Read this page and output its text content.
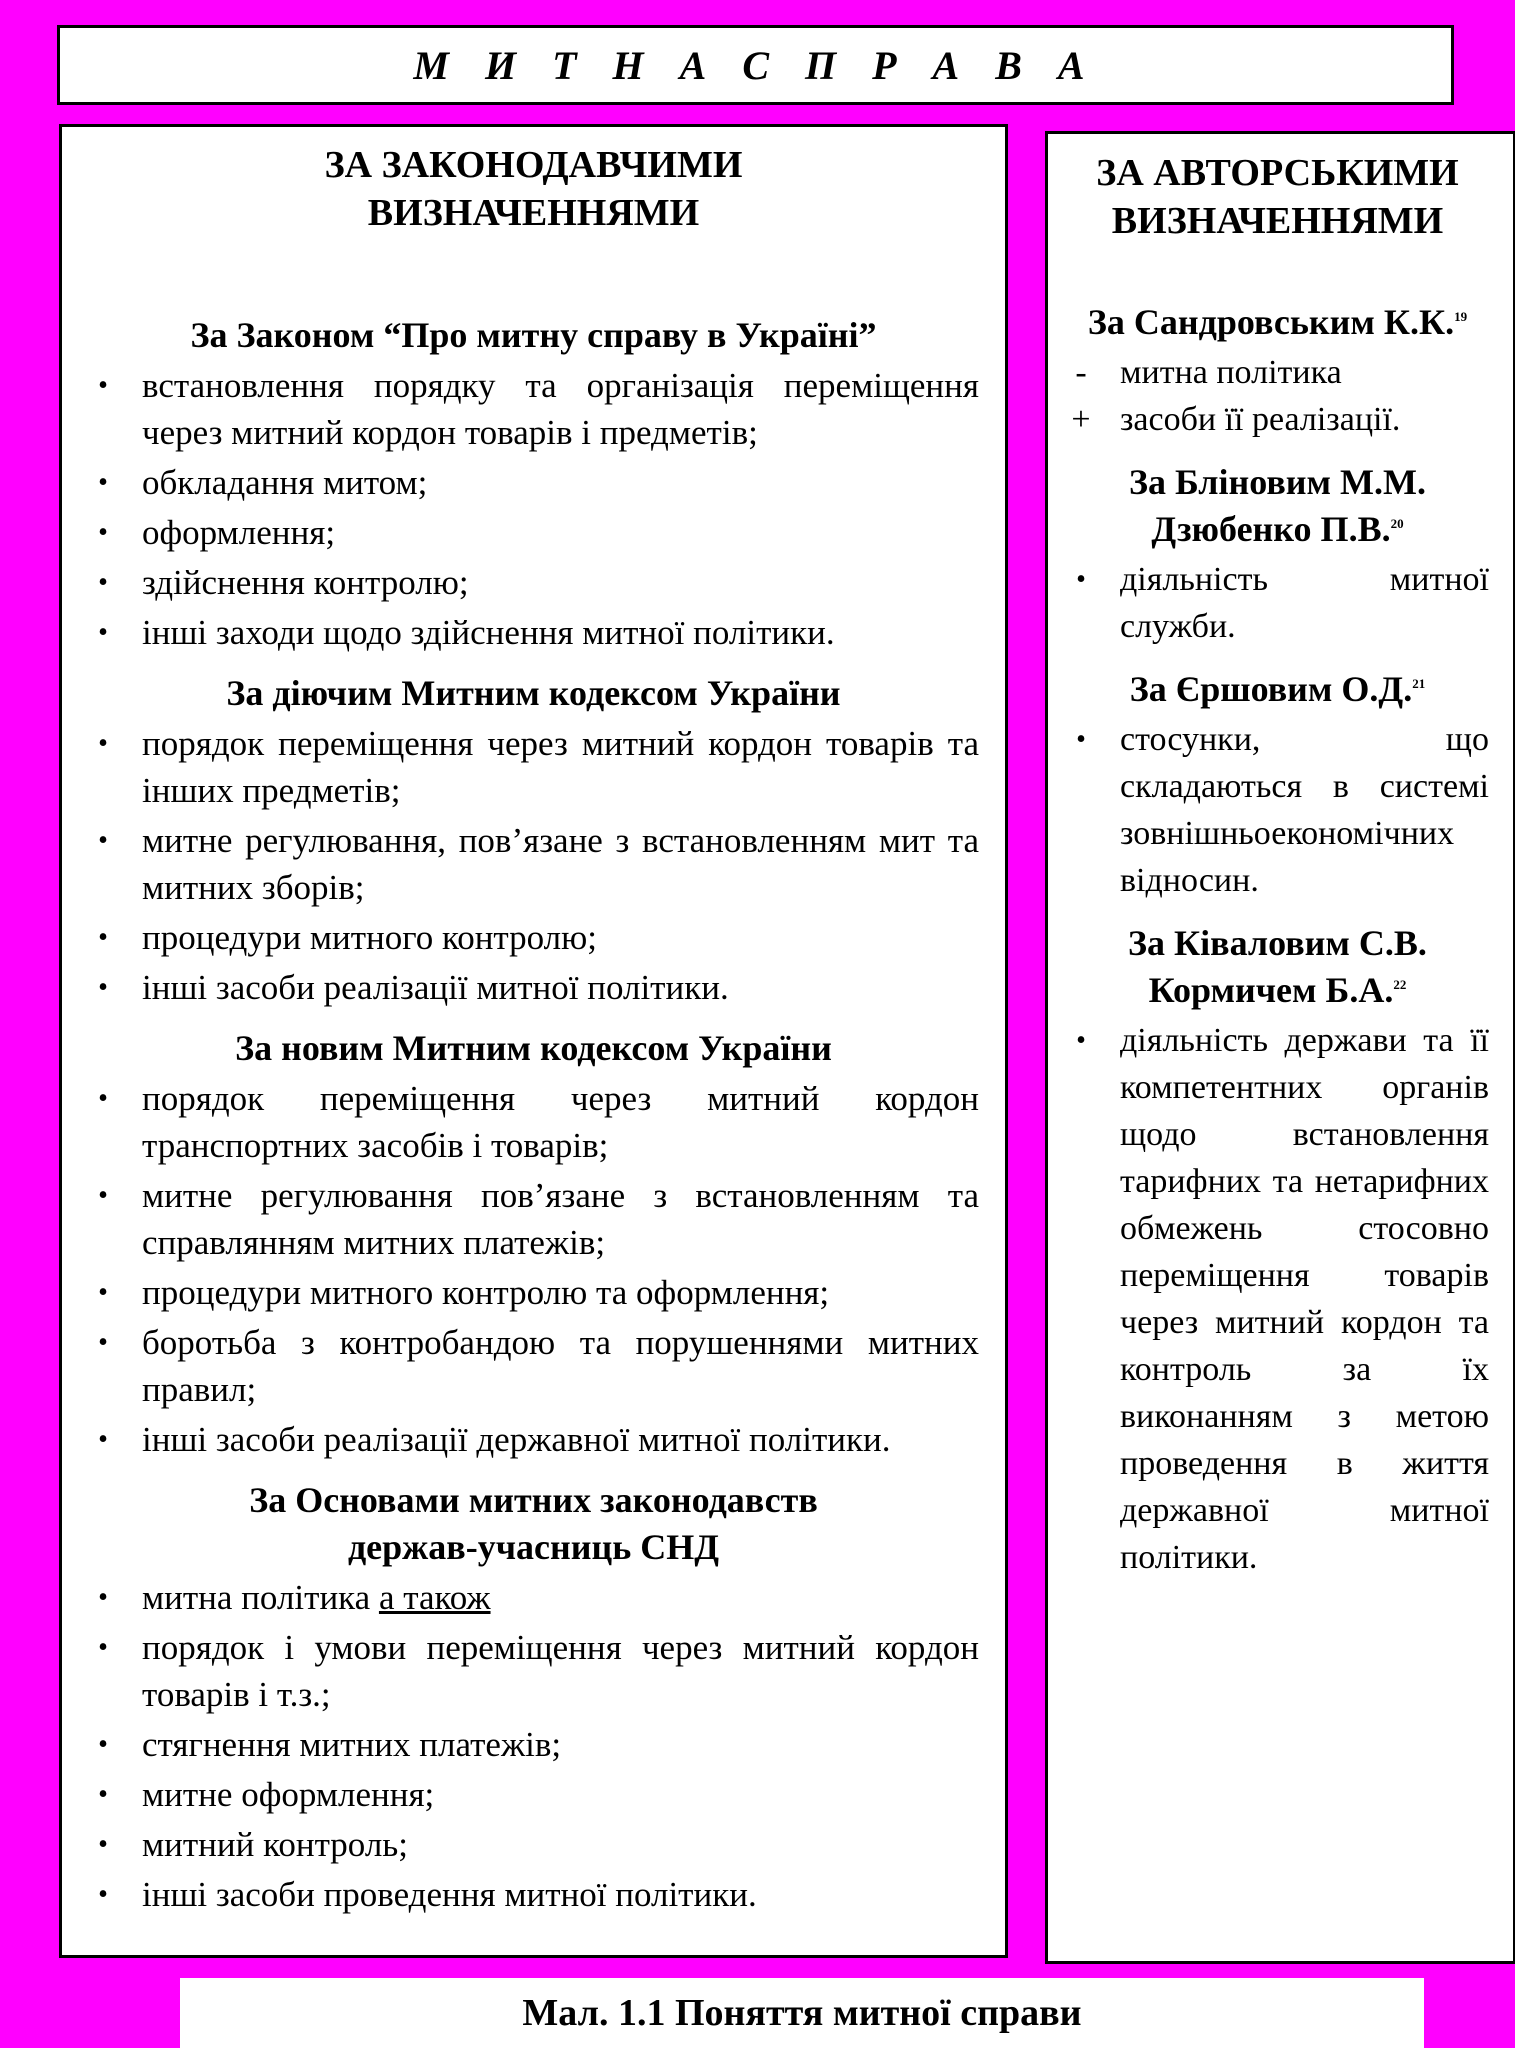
М И Т Н А С П Р А В А

ЗА ЗАКОНОДАВЧИМИ
ВИЗНАЧЕННЯМИ

За Законом “Про митну справу в Україні”

• встановлення порядку та організація переміщення через митний кордон товарів і предметів;
• обкладання митом;
• оформлення;
• здійснення контролю;
• інші заходи щодо здійснення митної політики.

За діючим Митним кодексом України

• порядок переміщення через митний кордон товарів та інших предметів;
• митне регулювання, пов’язане з встановленням мит та митних зборів;
• процедури митного контролю;
• інші засоби реалізації митної політики.

За новим Митним кодексом України

• порядок переміщення через митний кордон транспортних засобів і товарів;
• митне регулювання пов’язане з встановленням та справлянням митних платежів;
• процедури митного контролю та оформлення;
• боротьба з контробандою та порушеннями митних правил;
• інші засоби реалізації державної митної політики.

За Основами митних законодавств
держав-учасниць СНД

• митна політика а також
• порядок і умови переміщення через митний кордон товарів і т.з.;
• стягнення митних платежів;
• митне оформлення;
• митний контроль;
• інші засоби проведення митної політики.

ЗА АВТОРСЬКИМИ
ВИЗНАЧЕННЯМИ

За Сандровським К.К.$^{19}$

- митна політика
+ засоби її реалізації.

За Бліновим М.М.
Дзюбенко П.В.$^{20}$

• діяльність митної служби.

За Єршовим О.Д.$^{21}$

• стосунки, що складаються в системі зовнішньоекономічних відносин.

За Ківаловим С.В.
Кормичем Б.А.$^{22}$

• діяльність держави та її компетентних органів щодо встановлення тарифних та нетарифних обмежень стосовно переміщення товарів через митний кордон та контроль за їх виконанням з метою проведення в життя державної митної політики.
Мал. 1.1 Поняття митної справи
